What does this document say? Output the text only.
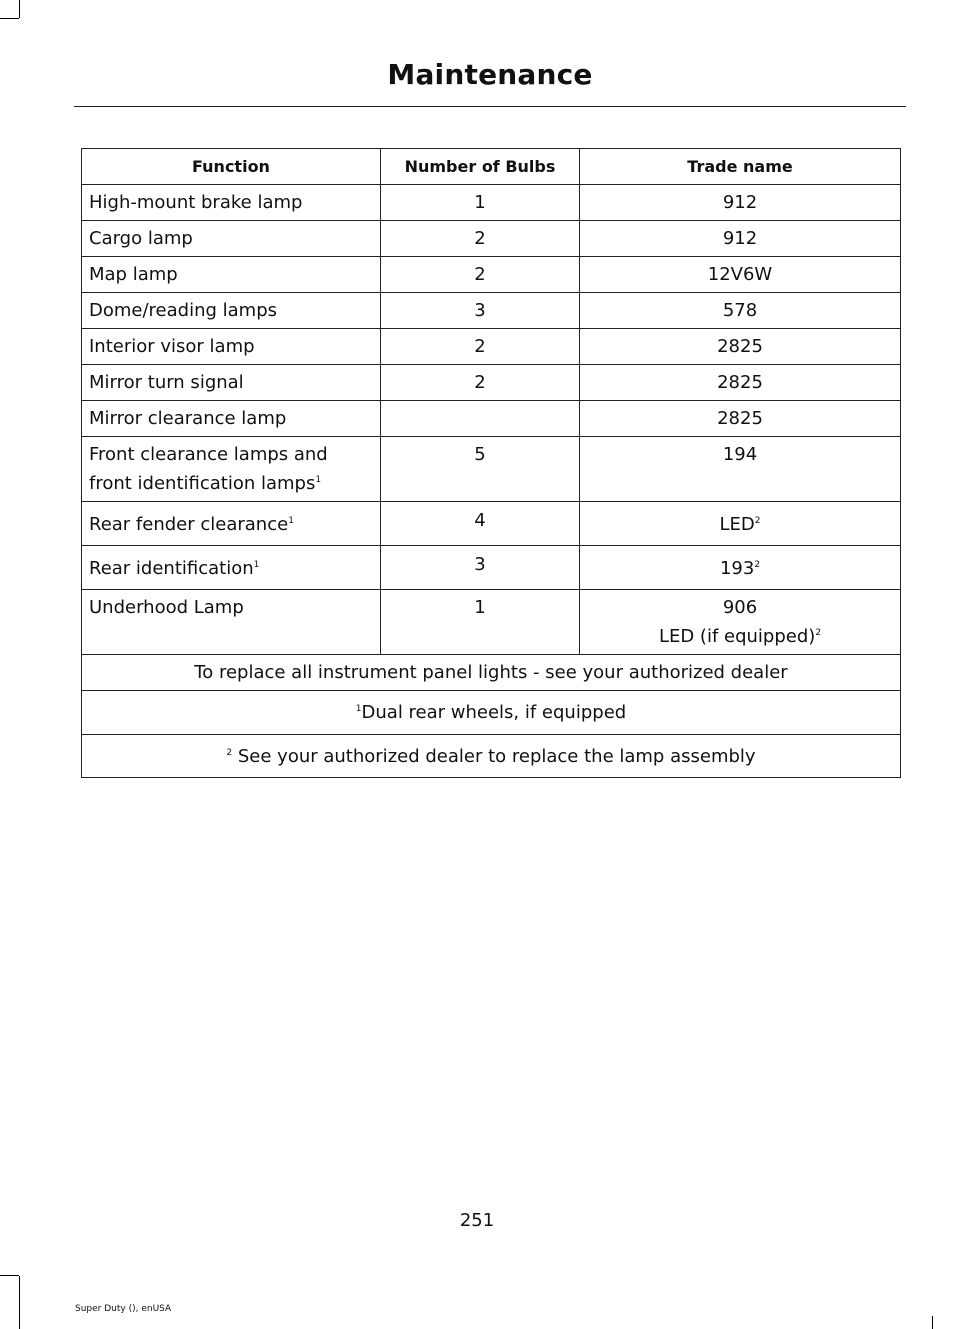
Maintenance
Function	Number of Bulbs	Trade name
High-mount brake lamp	1	912
Cargo lamp	2	912
Map lamp	2	12V6W
Dome/reading lamps	3	578
Interior visor lamp	2	2825
Mirror turn signal	2	2825
Mirror clearance lamp		2825
Front clearance lamps and
front identification lamps$^1$	5	194
Rear fender clearance$^1$	4	LED$^2$
Rear identification$^1$	3	$193^2$
Underhood Lamp	1	906
LED (if equipped)$^2$
To replace all instrument panel lights - see your authorized dealer		
$^1$Dual rear wheels, if equipped		
$^2$ See your authorized dealer to replace the lamp assembly		
251
Super Duty (), enUSA
